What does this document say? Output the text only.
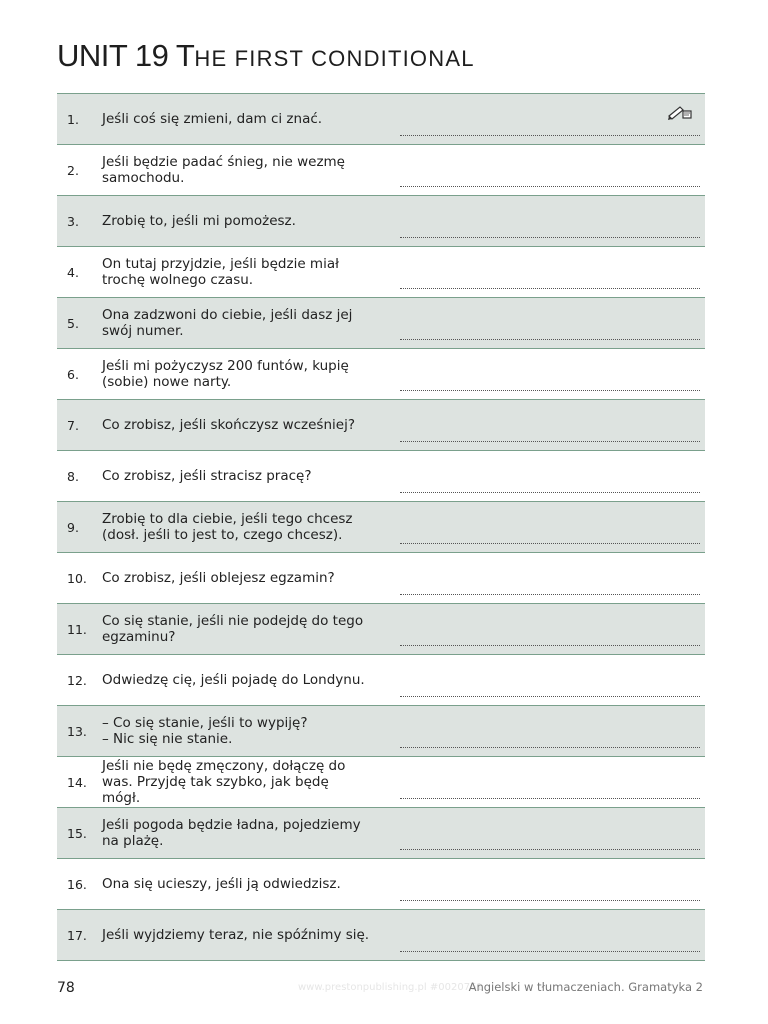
UNIT 19 THE FIRST CONDITIONAL
1. Jeśli coś się zmieni, dam ci znać.
2. Jeśli będzie padać śnieg, nie wezmę
samochodu.
3. Zrobię to, jeśli mi pomożesz.
4. On tutaj przyjdzie, jeśli będzie miał
trochę wolnego czasu.
5. Ona zadzwoni do ciebie, jeśli dasz jej
swój numer.
6. Jeśli mi pożyczysz 200 funtów, kupię
(sobie) nowe narty.
7. Co zrobisz, jeśli skończysz wcześniej?
8. Co zrobisz, jeśli stracisz pracę?
9. Zrobię to dla ciebie, jeśli tego chcesz
(dosł. jeśli to jest to, czego chcesz).
10. Co zrobisz, jeśli oblejesz egzamin?
11. Co się stanie, jeśli nie podejdę do tego
egzaminu?
12. Odwiedzę cię, jeśli pojadę do Londynu.
13. – Co się stanie, jeśli to wypiję?
– Nic się nie stanie.
14.
Jeśli nie będę zmęczony, dołączę do
was. Przyjdę tak szybko, jak będę
mógł.
15. Jeśli pogoda będzie ładna, pojedziemy
na plażę.
16. Ona się ucieszy, jeśli ją odwiedzisz.
17. Jeśli wyjdziemy teraz, nie spóźnimy się.
78	www.prestonpublishing.pl #0020761
Angielski w tłumaczeniach. Gramatyka 2
